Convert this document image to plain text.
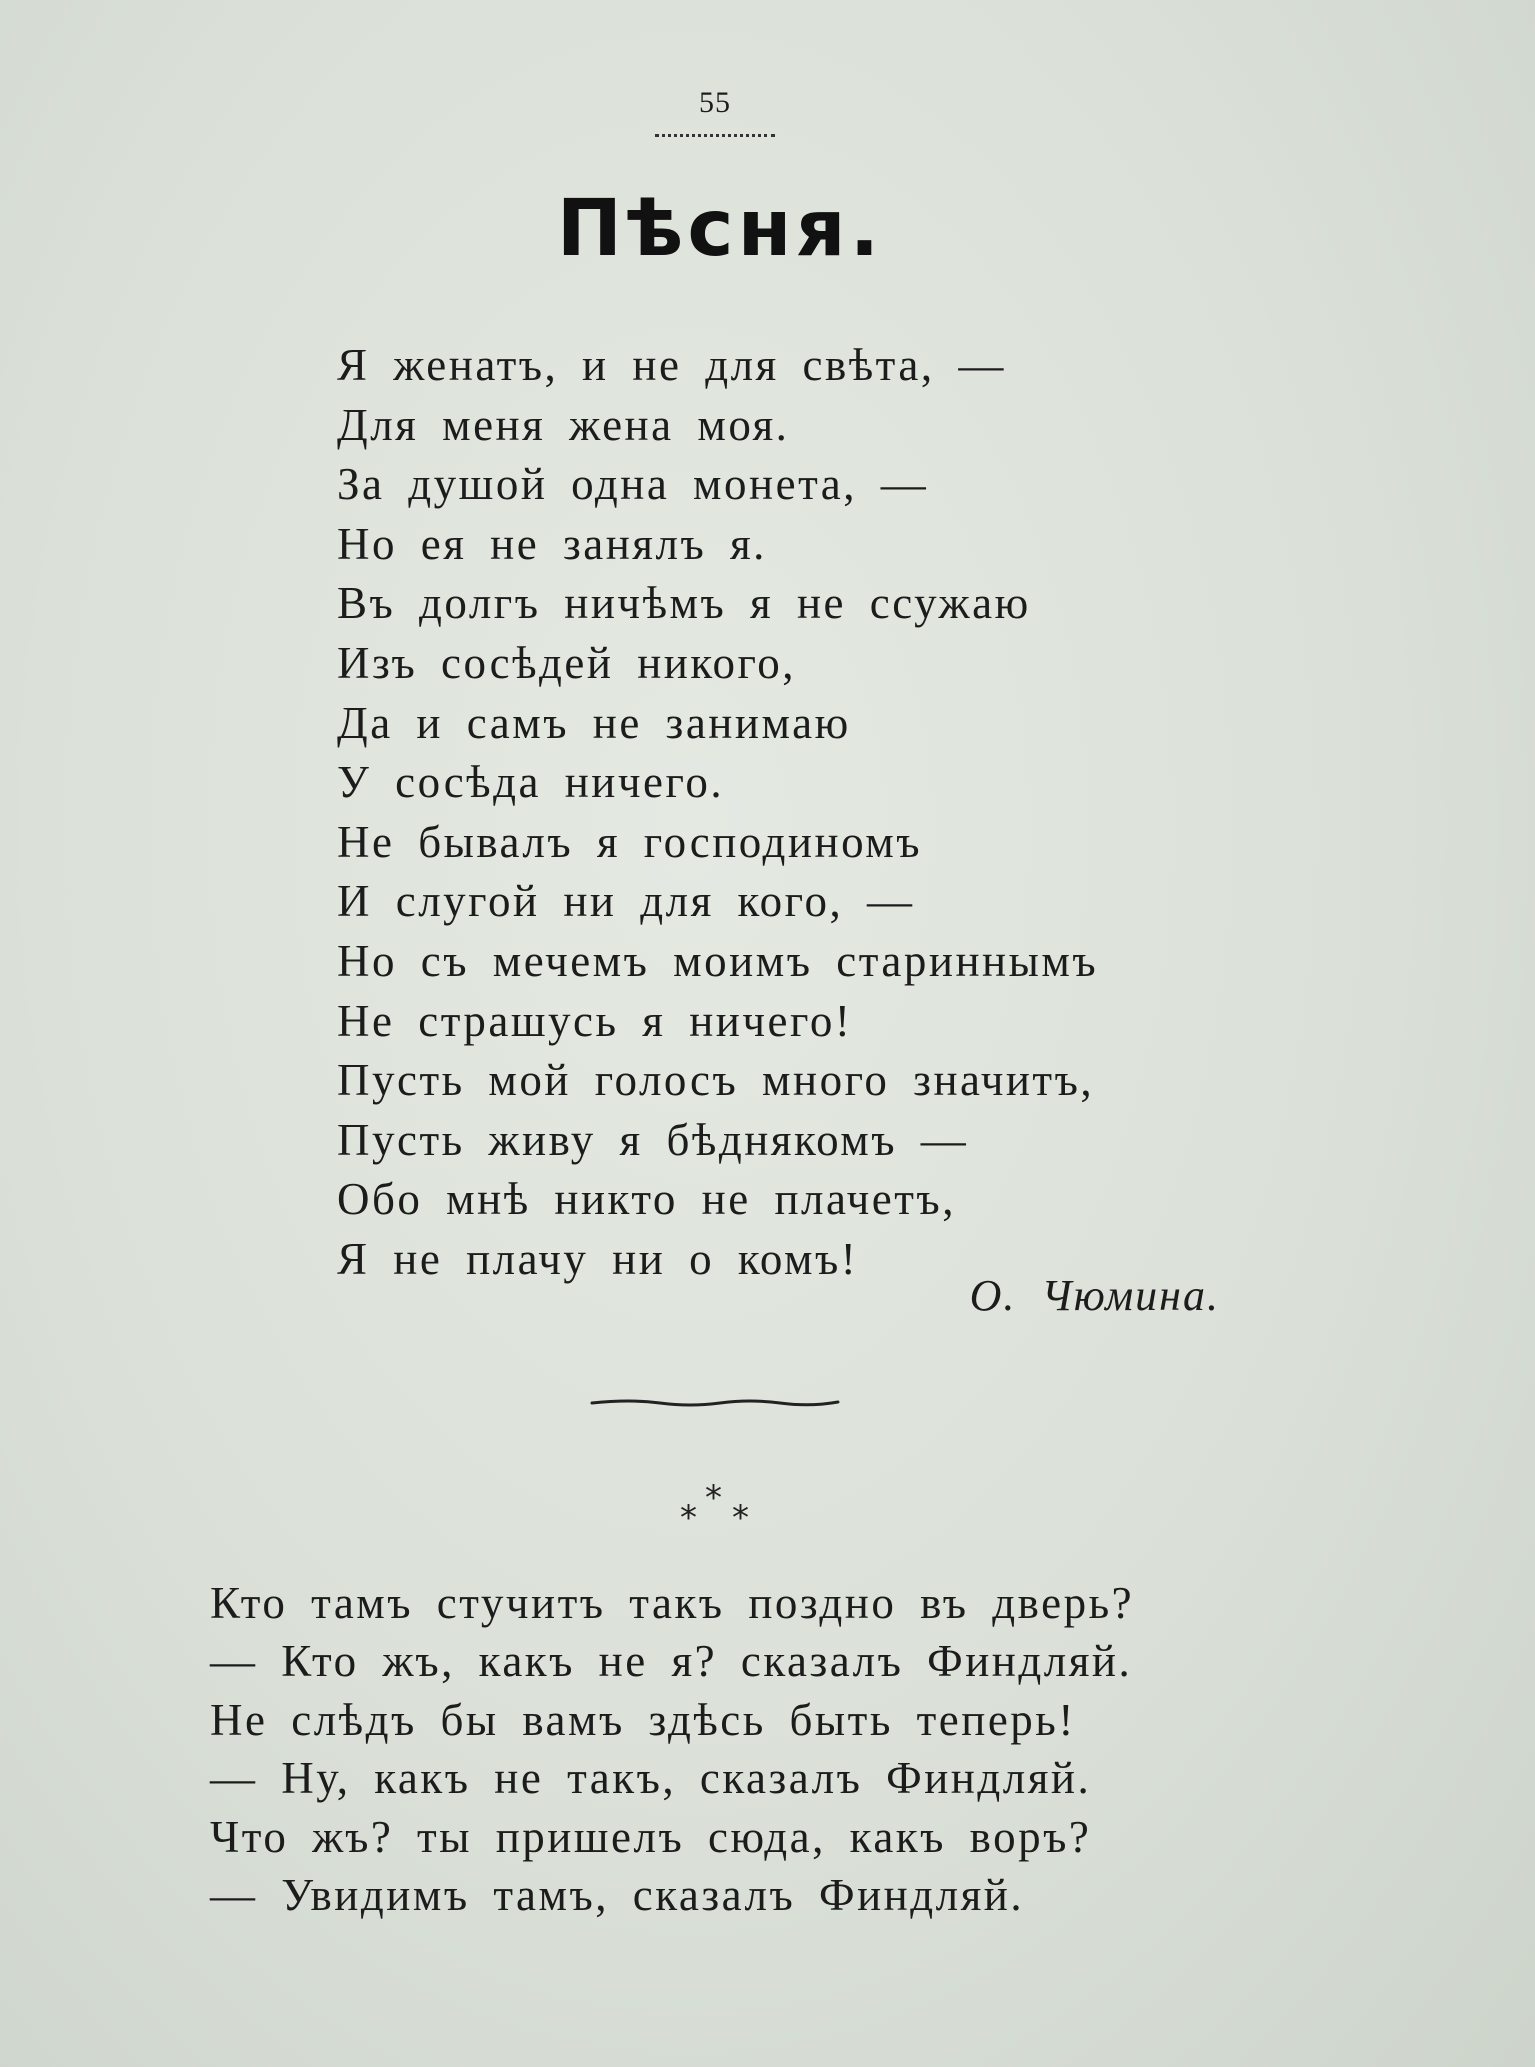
55
Пѣсня.
Я женатъ, и не для свѣта, —
Для меня жена моя.
За душой одна монета, —
Но ея не занялъ я.
Въ долгъ ничѣмъ я не ссужаю
Изъ сосѣдей никого,
Да и самъ не занимаю
У сосѣда ничего.
Не бывалъ я господиномъ
И слугой ни для кого, —
Но съ мечемъ моимъ стариннымъ
Не страшусь я ничего!
Пусть мой голосъ много значитъ,
Пусть живу я бѣднякомъ —
Обо мнѣ никто не плачетъ,
Я не плачу ни о комъ!
О. Чюмина.
* * *
Кто тамъ стучитъ такъ поздно въ дверь?
— Кто жъ, какъ не я? сказалъ Финдляй.
Не слѣдъ бы вамъ здѣсь быть теперь!
— Ну, какъ не такъ, сказалъ Финдляй.
Что жъ? ты пришелъ сюда, какъ воръ?
— Увидимъ тамъ, сказалъ Финдляй.
